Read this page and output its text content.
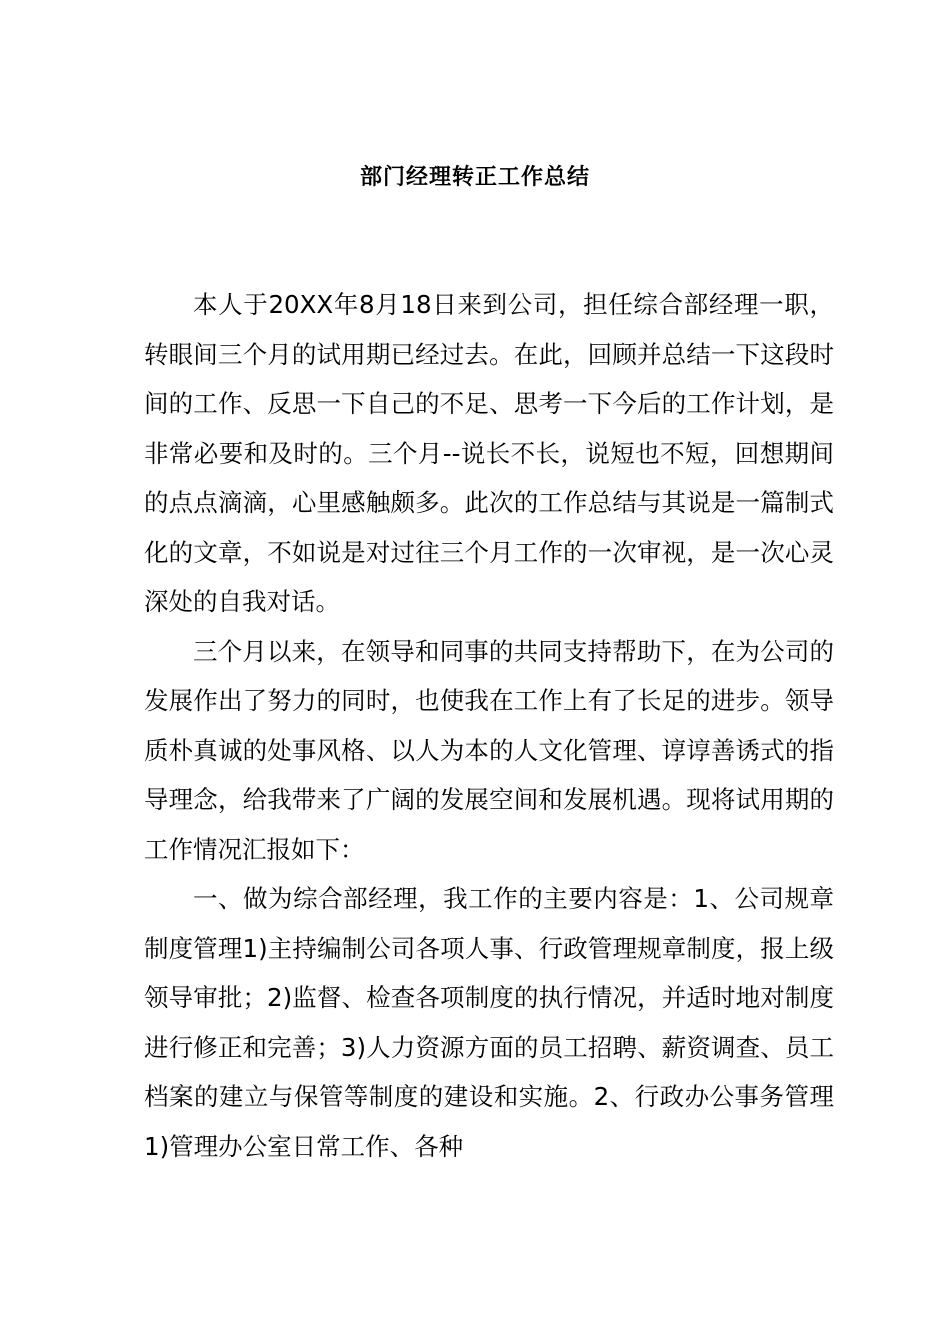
部门经理转正工作总结

本人于20XX年8月18日来到公司，担任综合部经理一职，转眼间三个月的试用期已经过去。在此，回顾并总结一下这段时间的工作、反思一下自己的不足、思考一下今后的工作计划，是非常必要和及时的。三个月--说长不长，说短也不短，回想期间的点点滴滴，心里感触颇多。此次的工作总结与其说是一篇制式化的文章，不如说是对过往三个月工作的一次审视，是一次心灵深处的自我对话。

三个月以来，在领导和同事的共同支持帮助下，在为公司的发展作出了努力的同时，也使我在工作上有了长足的进步。领导质朴真诚的处事风格、以人为本的人文化管理、谆谆善诱式的指导理念，给我带来了广阔的发展空间和发展机遇。现将试用期的工作情况汇报如下：

一、做为综合部经理，我工作的主要内容是：1、公司规章制度管理1)主持编制公司各项人事、行政管理规章制度，报上级领导审批；2)监督、检查各项制度的执行情况，并适时地对制度进行修正和完善；3)人力资源方面的员工招聘、薪资调查、员工档案的建立与保管等制度的建设和实施。2、行政办公事务管理1)管理办公室日常工作、各种
